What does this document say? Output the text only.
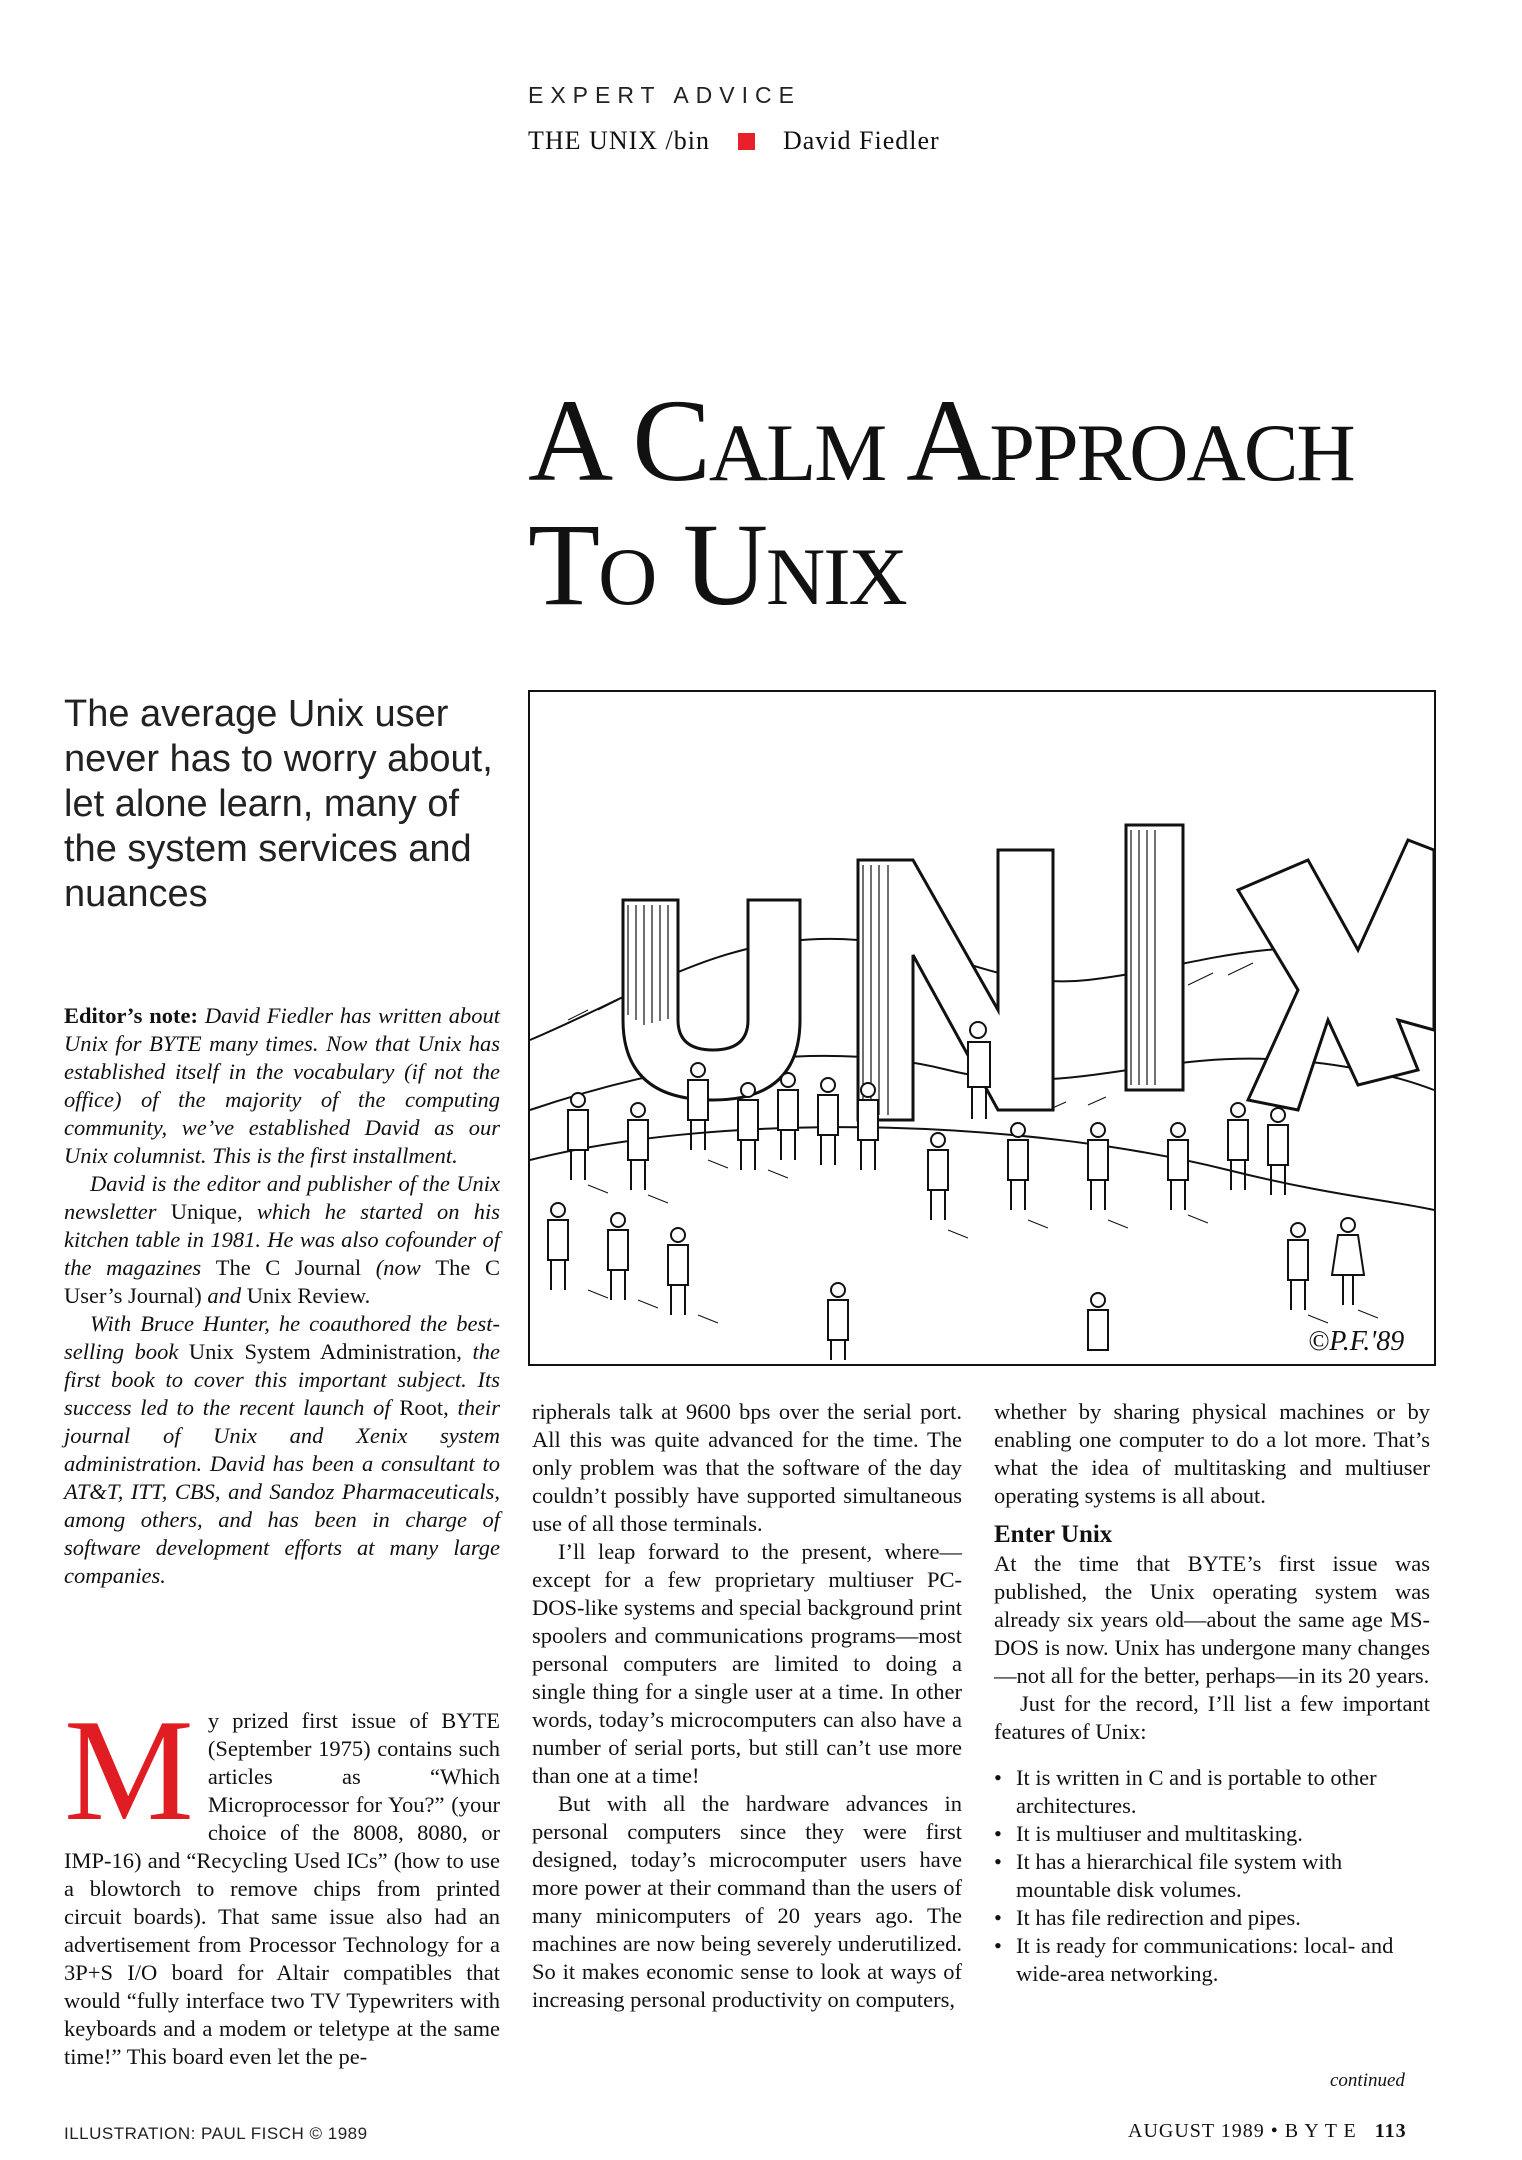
EXPERT ADVICE
THE UNIX /bin	David Fiedler
A CALM APPROACH
TO UNIX
The average Unix user never has to worry about, let alone learn, many of the system services and nuances
©P.F.'89

Editor’s note: David Fiedler has written about Unix for BYTE many times. Now that Unix has established itself in the vocabulary (if not the office) of the majority of the computing community, we’ve established David as our Unix columnist. This is the first installment.

David is the editor and publisher of the Unix newsletter Unique, which he started on his kitchen table in 1981. He was also cofounder of the magazines The C Journal (now The C User’s Journal) and Unix Review.

With Bruce Hunter, he coauthored the best-selling book Unix System Administration, the first book to cover this important subject. Its success led to the recent launch of Root, their journal of Unix and Xenix system administration. David has been a consultant to AT&T, ITT, CBS, and Sandoz Pharmaceuticals, among others, and has been in charge of software development efforts at many large companies.

My prized first issue of BYTE (September 1975) contains such articles as “Which Microprocessor for You?” (your choice of the 8008, 8080, or IMP-16) and “Recycling Used ICs” (how to use a blowtorch to remove chips from printed circuit boards). That same issue also had an advertisement from Processor Technology for a 3P+S I/O board for Altair compatibles that would “fully interface two TV Typewriters with keyboards and a modem or teletype at the same time!” This board even let the pe-

ripherals talk at 9600 bps over the serial port. All this was quite advanced for the time. The only problem was that the software of the day couldn’t possibly have supported simultaneous use of all those terminals.

I’ll leap forward to the present, where—except for a few proprietary multiuser PC-DOS-like systems and special background print spoolers and communications programs—most personal computers are limited to doing a single thing for a single user at a time. In other words, today’s microcomputers can also have a number of serial ports, but still can’t use more than one at a time!

But with all the hardware advances in personal computers since they were first designed, today’s microcomputer users have more power at their command than the users of many minicomputers of 20 years ago. The machines are now being severely underutilized. So it makes economic sense to look at ways of increasing personal productivity on computers,

whether by sharing physical machines or by enabling one computer to do a lot more. That’s what the idea of multitasking and multiuser operating systems is all about.

Enter Unix

At the time that BYTE’s first issue was published, the Unix operating system was already six years old—about the same age MS-DOS is now. Unix has undergone many changes—not all for the better, perhaps—in its 20 years.

Just for the record, I’ll list a few important features of Unix:

• It is written in C and is portable to other architectures.
• It is multiuser and multitasking.
• It has a hierarchical file system with mountable disk volumes.
• It has file redirection and pipes.
• It is ready for communications: local- and wide-area networking.
continued
ILLUSTRATION: PAUL FISCH © 1989	AUGUST 1989 • B Y T E 113
